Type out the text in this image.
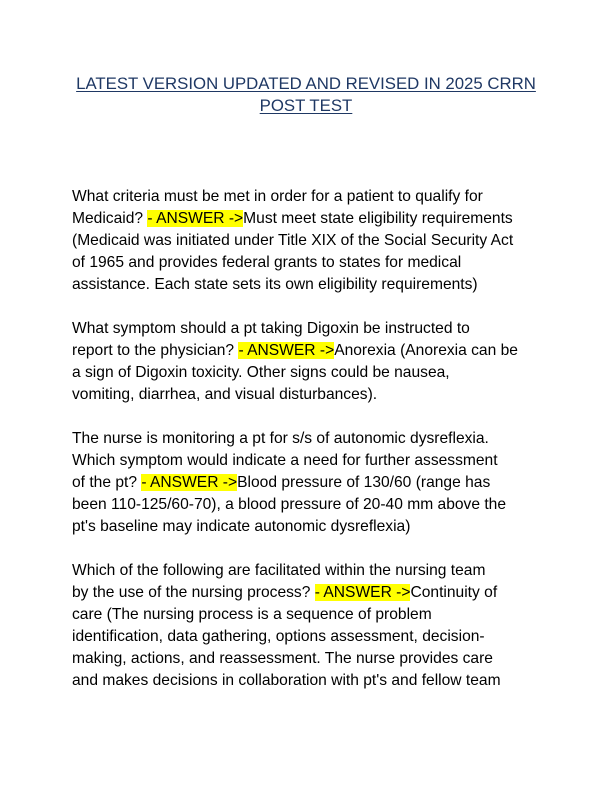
LATEST VERSION UPDATED AND REVISED IN 2025 CRRN
POST TEST
What criteria must be met in order for a patient to qualify for
Medicaid? - ANSWER ->Must meet state eligibility requirements
(Medicaid was initiated under Title XIX of the Social Security Act
of 1965 and provides federal grants to states for medical
assistance. Each state sets its own eligibility requirements)
What symptom should a pt taking Digoxin be instructed to
report to the physician? - ANSWER ->Anorexia (Anorexia can be
a sign of Digoxin toxicity. Other signs could be nausea,
vomiting, diarrhea, and visual disturbances).
The nurse is monitoring a pt for s/s of autonomic dysreflexia.
Which symptom would indicate a need for further assessment
of the pt? - ANSWER ->Blood pressure of 130/60 (range has
been 110-125/60-70), a blood pressure of 20-40 mm above the
pt's baseline may indicate autonomic dysreflexia)
Which of the following are facilitated within the nursing team
by the use of the nursing process? - ANSWER ->Continuity of
care (The nursing process is a sequence of problem
identification, data gathering, options assessment, decision-
making, actions, and reassessment. The nurse provides care
and makes decisions in collaboration with pt's and fellow team
